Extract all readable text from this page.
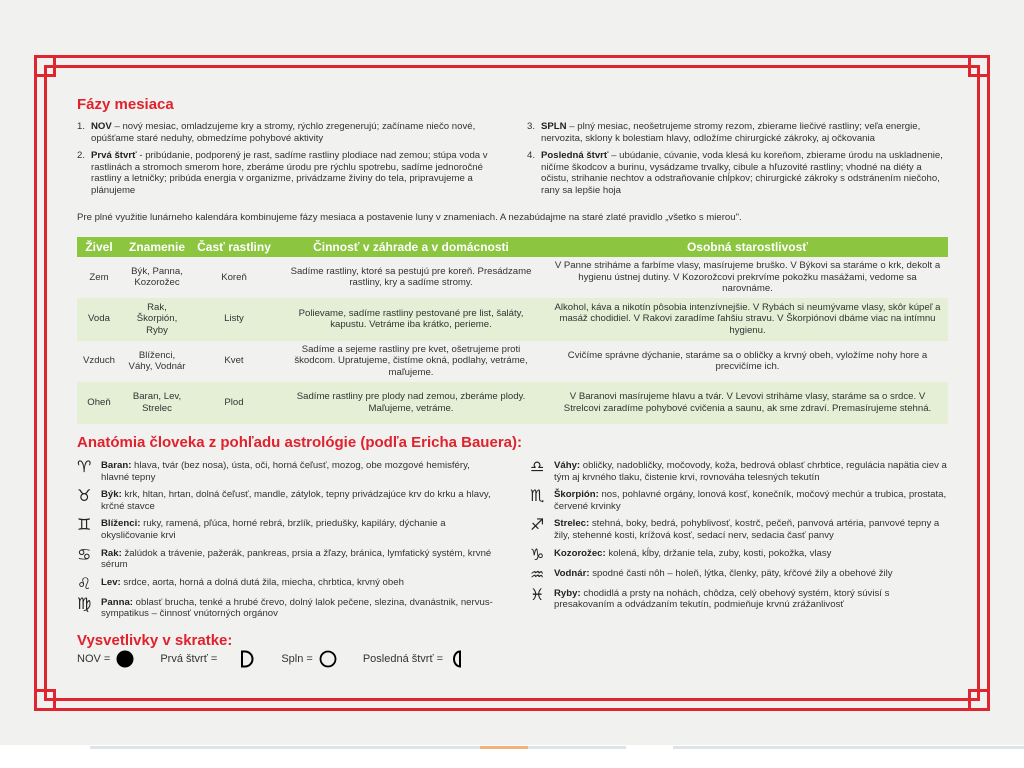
Fázy mesiaca
1. NOV – nový mesiac, omladzujeme kry a stromy, rýchlo zregenerujú; začíname niečo nové, opúšťame staré neduhy, obmedzíme pohybové aktivity
2. Prvá štvrť - pribúdanie, podporený je rast, sadíme rastliny plodiace nad zemou; stúpa voda v rastlinách a stromoch smerom hore, zberáme úrodu pre rýchlu spotrebu, sadíme jednoročné rastliny a letničky; pribúda energia v organizme, privádzame živiny do tela, pripravujeme a plánujeme
3. SPLN – plný mesiac, neošetrujeme stromy rezom, zbierame liečivé rastliny; veľa energie, nervozita, sklony k bolestiam hlavy, odložíme chirurgické zákroky, aj očkovania
4. Posledná štvrť – ubúdanie, cúvanie, voda klesá ku koreňom, zbierame úrodu na uskladnenie, ničíme škodcov a burinu, vysádzame trvalky, cibule a hľuzovité rastliny; vhodné na diéty a očistu, strihanie nechtov a odstraňovanie chĺpkov; chirurgické zákroky s odstránením niečoho, rany sa lepšie hoja
Pre plné využitie lunárneho kalendára kombinujeme fázy mesiaca a postavenie luny v znameniach. A nezabúdajme na staré zlaté pravidlo „všetko s mierou".
Živel	Znamenie	Časť rastliny	Činnosť v záhrade a v domácnosti	Osobná starostlivosť
Zem	Býk, Panna, Kozorožec	Koreň	Sadíme rastliny, ktoré sa pestujú pre koreň. Presádzame rastliny, kry a sadíme stromy.	V Panne striháme a farbíme vlasy, masírujeme bruško. V Býkovi sa staráme o krk, dekolt a hygienu ústnej dutiny. V Kozorožcovi prekrvíme pokožku masážami, vedome sa narovnáme.
Voda	Rak, Škorpión, Ryby	Listy	Polievame, sadíme rastliny pestované pre list, šaláty, kapustu. Vetráme iba krátko, perieme.	Alkohol, káva a nikotín pôsobia intenzívnejšie. V Rybách si neumývame vlasy, skôr kúpeľ a masáž chodidiel. V Rakovi zaradíme ľahšiu stravu. V Škorpiónovi dbáme viac na intímnu hygienu.
Vzduch	Blíženci, Váhy, Vodnár	Kvet	Sadíme a sejeme rastliny pre kvet, ošetrujeme proti škodcom. Upratujeme, čistíme okná, podlahy, vetráme, maľujeme.	Cvičíme správne dýchanie, staráme sa o obličky a krvný obeh, vyložíme nohy hore a precvičíme ich.
Oheň	Baran, Lev, Strelec	Plod	Sadíme rastliny pre plody nad zemou, zberáme plody. Maľujeme, vetráme.	V Baranovi masírujeme hlavu a tvár. V Levovi strihàme vlasy, staráme sa o srdce. V Strelcovi zaradíme pohybové cvičenia a saunu, ak sme zdraví. Premasírujeme stehná.
Anatómia človeka z pohľadu astrológie (podľa Ericha Bauera):
♈	Baran: hlava, tvár (bez nosa), ústa, oči, horná čeľusť, mozog, obe mozgové hemisféry, hlavné tepny
♉	Býk: krk, hltan, hrtan, dolná čeľusť, mandle, zátylok, tepny privádzajúce krv do krku a hlavy, krčné stavce
♊	Blíženci: ruky, ramená, pľúca, horné rebrá, brzlík, priedušky, kapiláry, dýchanie a okysličovanie krvi
♋	Rak: žalúdok a trávenie, pažerák, pankreas, prsia a žľazy, bránica, lymfatický systém, krvné sérum
♌	Lev: srdce, aorta, horná a dolná dutá žila, miecha, chrbtica, krvný obeh
♍	Panna: oblasť brucha, tenké a hrubé črevo, dolný lalok pečene, slezina, dvanástnik, nervus-sympatikus – činnosť vnútorných orgánov
♎	Váhy: obličky, nadobličky, močovody, koža, bedrová oblasť chrbtice, regulácia napätia ciev a tým aj krvného tlaku, čistenie krvi, rovnováha telesných tekutín
♏	Škorpión: nos, pohlavné orgány, lonová kosť, konečník, močový mechúr a trubica, prostata, červené krvinky
♐	Strelec: stehná, boky, bedrá, pohyblivosť, kostrč, pečeň, panvová artéria, panvové tepny a žily, stehenné kosti, krížová kosť, sedací nerv, sedacia časť panvy
♑	Kozorožec: kolená, kĺby, držanie tela, zuby, kosti, pokožka, vlasy
♒	Vodnár: spodné časti nôh – holeň, lýtka, členky, päty, kŕčové žily a obehové žily
♓	Ryby: chodidlá a prsty na nohách, chôdza, celý obehový systém, ktorý súvisí s presakovaním a odvádzaním tekutín, podmieňuje krvnú zrážanlivosť
Vysvetlivky v skratke:
NOV =	Prvá štvrť =	Spln =	Posledná štvrť =
